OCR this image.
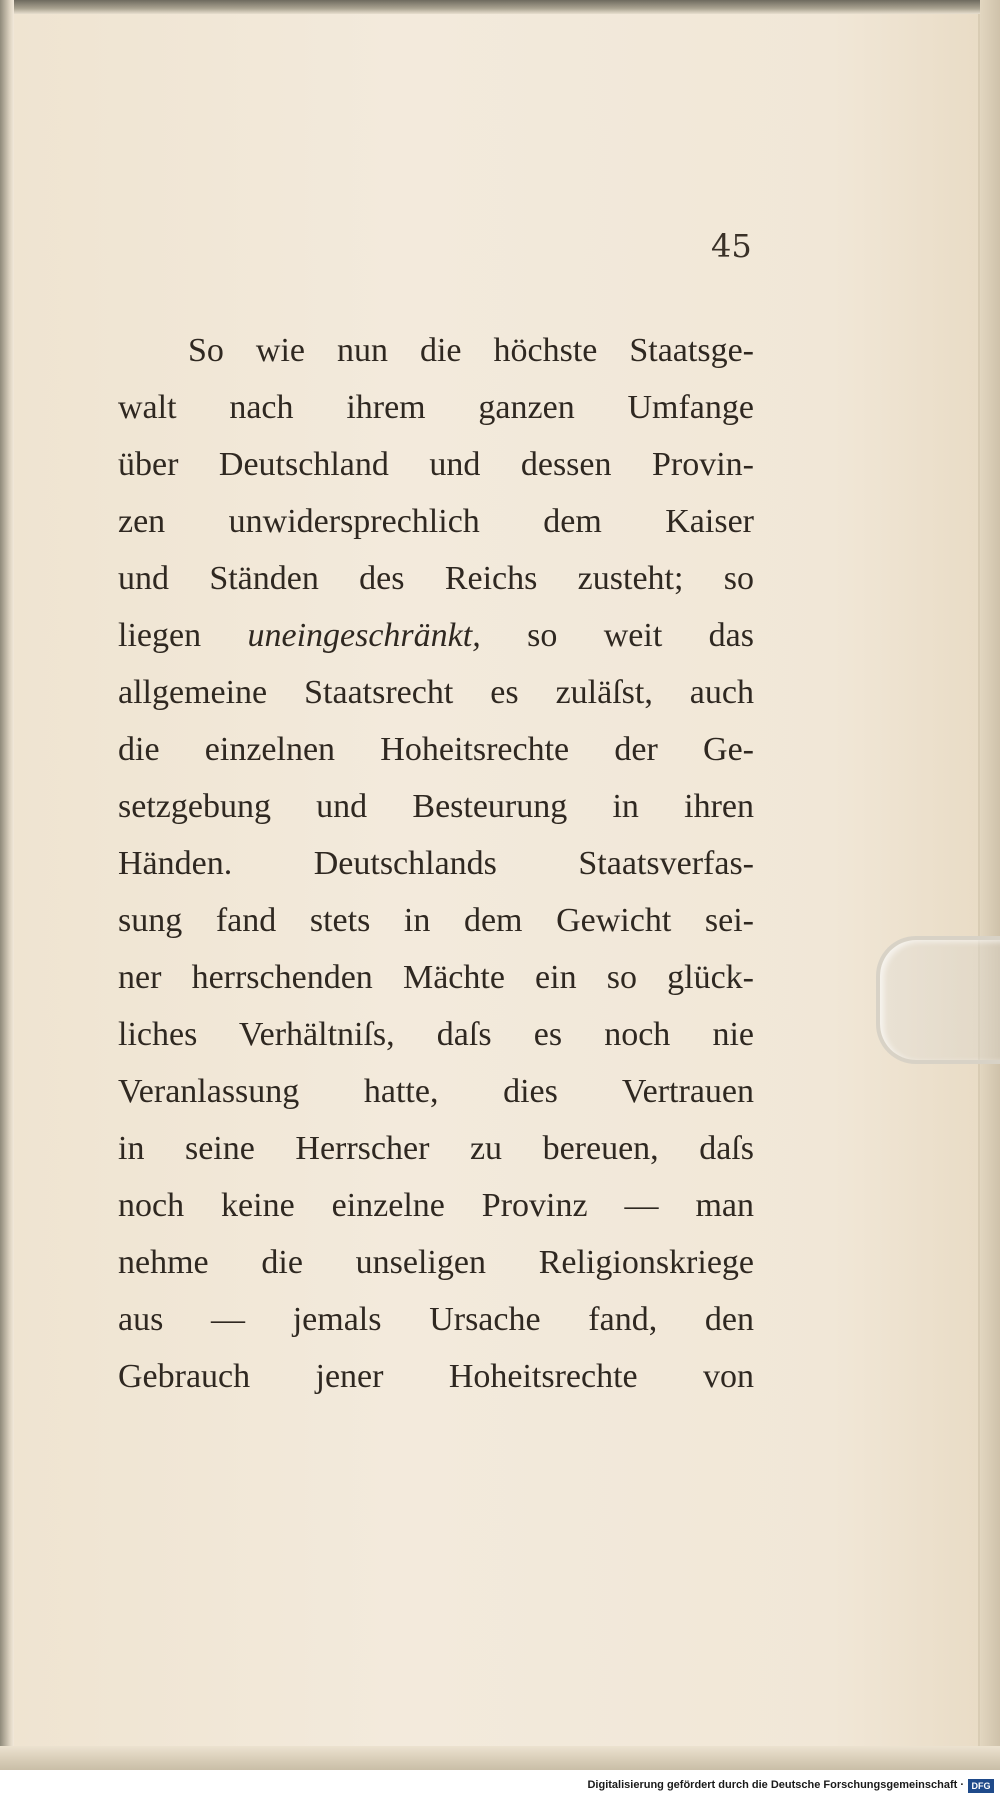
45
So wie nun die höchste Staatsge-
walt nach ihrem ganzen Umfange
über Deutschland und dessen Provin-
zen unwidersprechlich dem Kaiser
und Ständen des Reichs zusteht; so
liegen uneingeschränkt, so weit das
allgemeine Staatsrecht es zuläſst, auch
die einzelnen Hoheitsrechte der Ge-
setzgebung und Besteurung in ihren
Händen. Deutschlands Staatsverfas-
sung fand stets in dem Gewicht sei-
ner herrschenden Mächte ein so glück-
liches Verhältniſs, daſs es noch nie
Veranlassung hatte, dies Vertrauen
in seine Herrscher zu bereuen, daſs
noch keine einzelne Provinz — man
nehme die unseligen Religionskriege
aus — jemals Ursache fand, den
Gebrauch jener Hoheitsrechte von
Digitalisierung gefördert durch die Deutsche Forschungsgemeinschaft · DFG
